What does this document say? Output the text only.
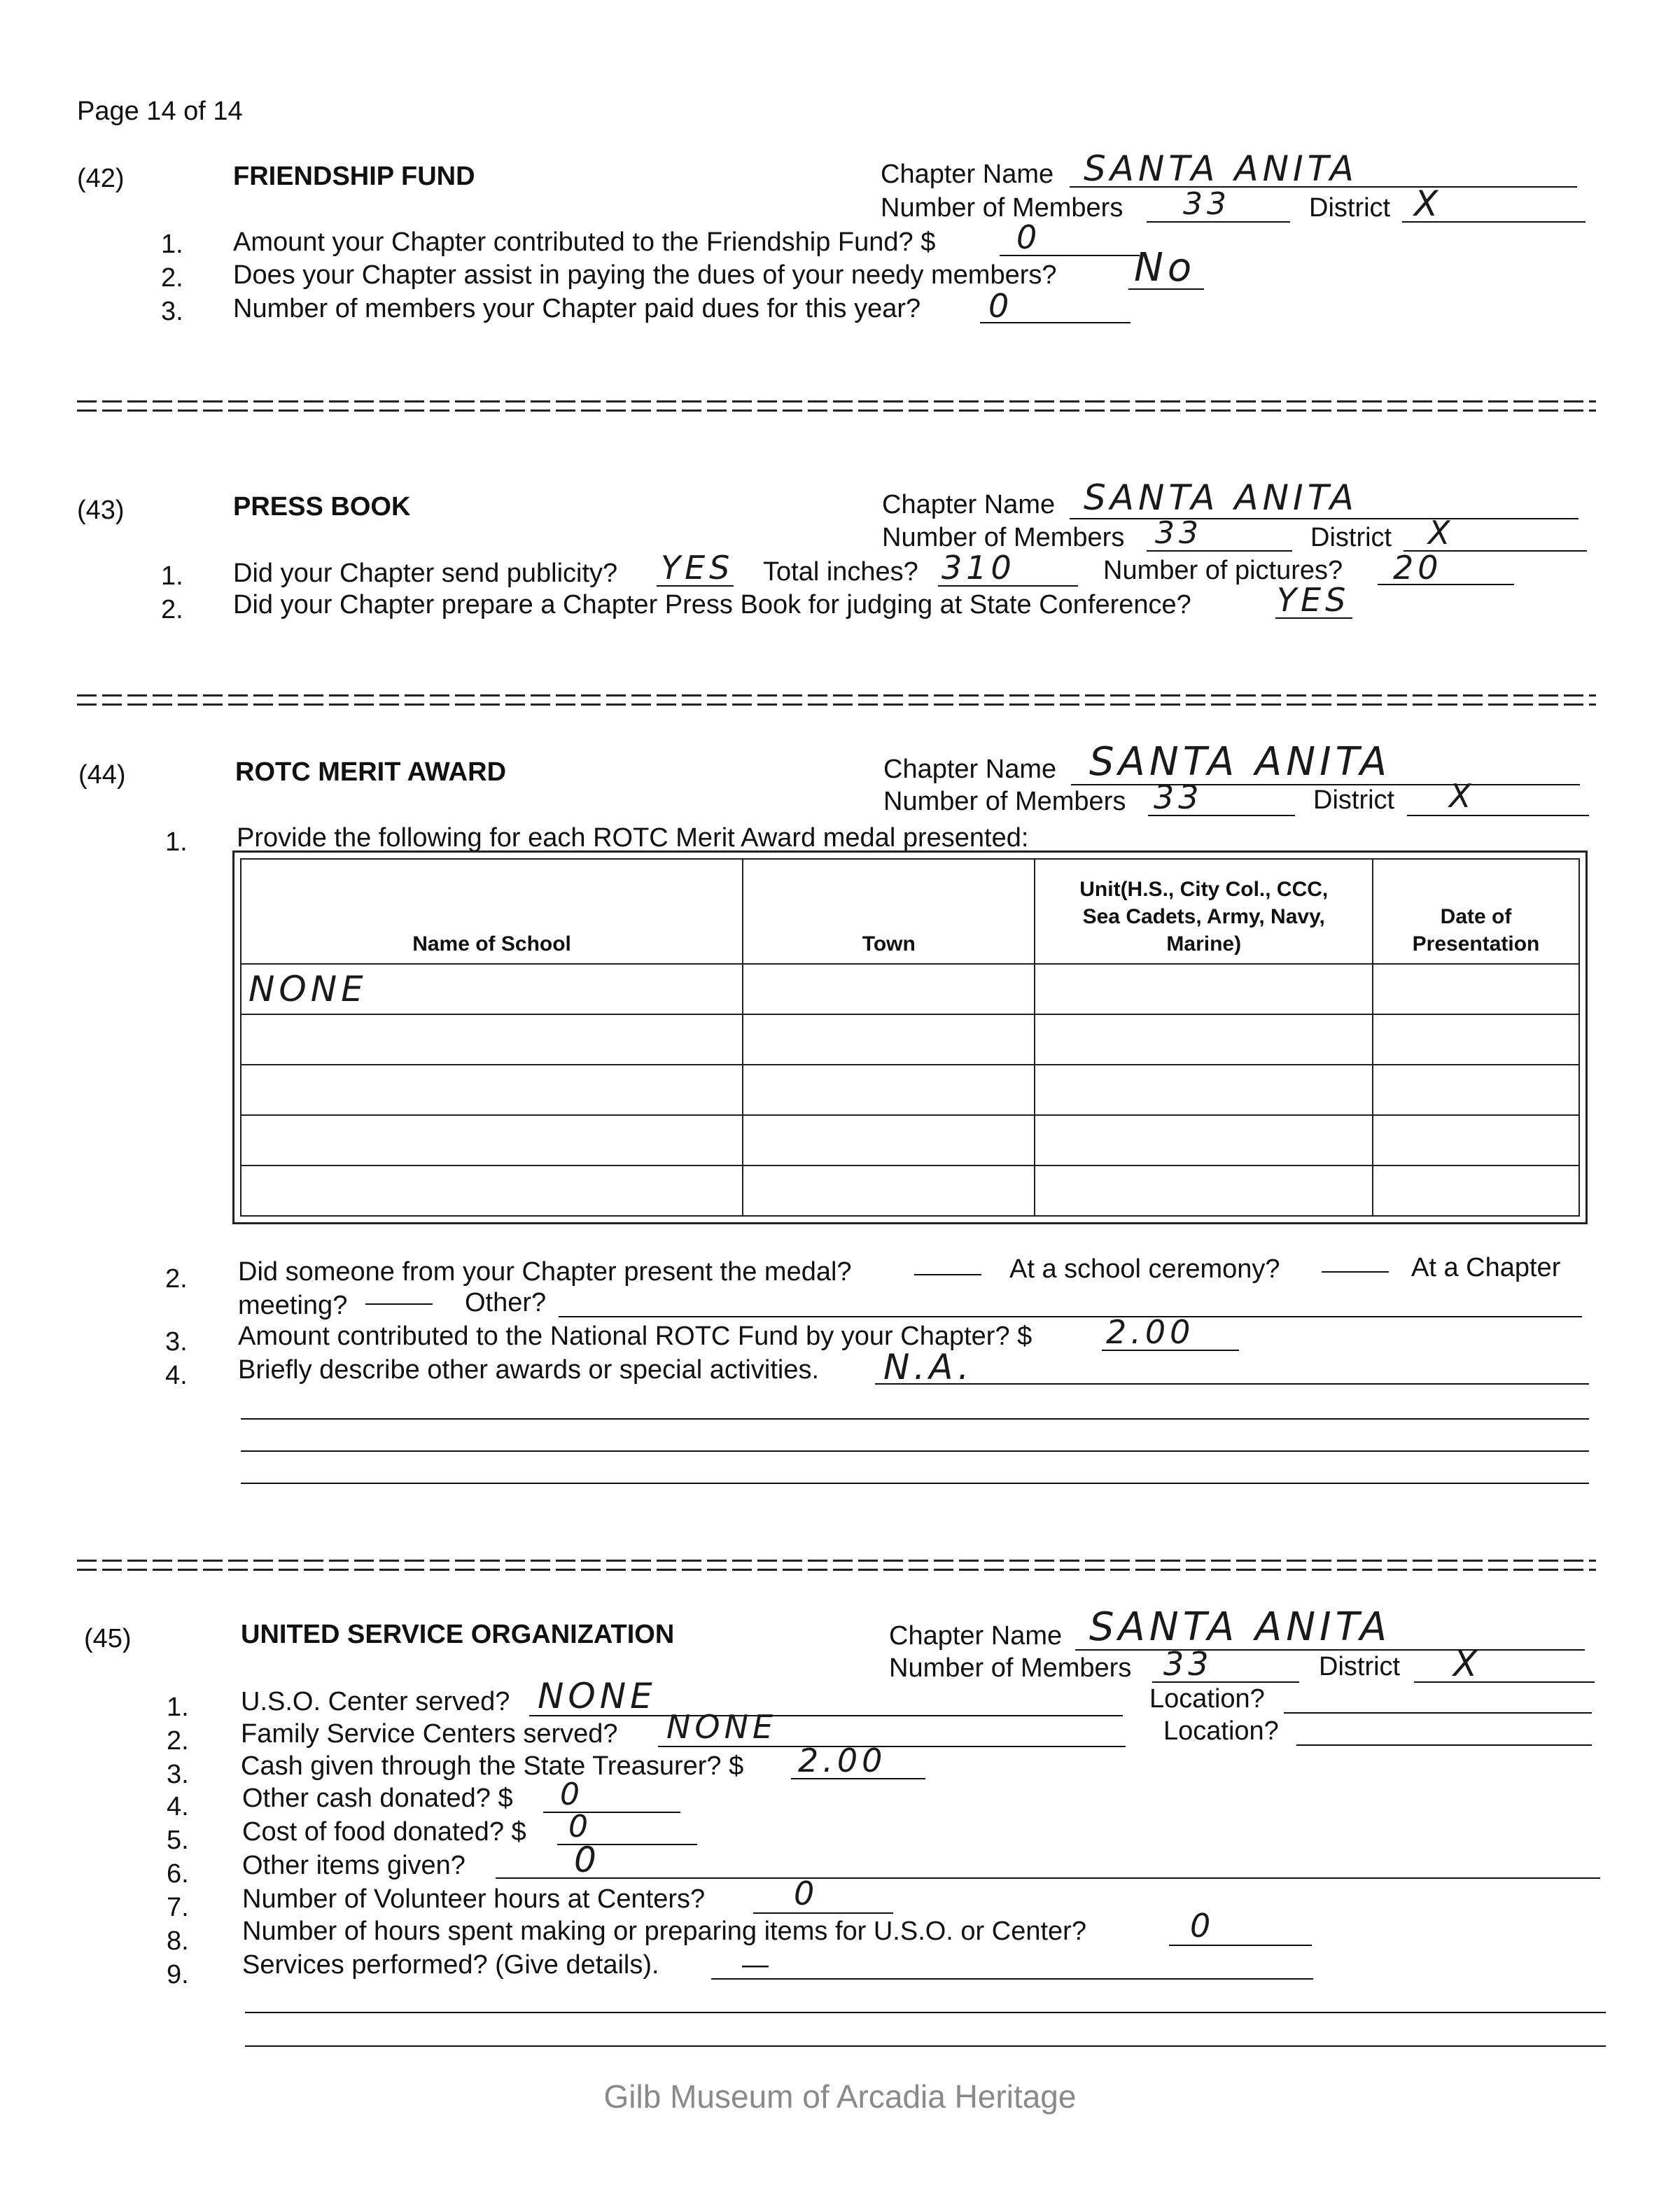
Page 14 of 14
(42)	FRIENDSHIP FUND	Chapter Name SANTA ANITA
Number of Members 33	District X
1. Amount your Chapter contributed to the Friendship Fund? $	0
2. Does your Chapter assist in paying the dues of your needy members? No
3. Number of members your Chapter paid dues for this year? 0
(43)	PRESS BOOK	Chapter Name SANTA ANITA
Number of Members 33	District X
1. Did your Chapter send publicity? YES Total inches? 310	Number of pictures? 20
2. Did your Chapter prepare a Chapter Press Book for judging at State Conference?	YES
(44)	ROTC MERIT AWARD	Chapter Name SANTA ANITA
Number of Members 33	District X
1. Provide the following for each ROTC Merit Award medal presented:
Name of School	Town	Unit(H.S., City Col., CCC, Sea Cadets, Army, Navy, Marine)	Date of Presentation
NONE			

2. Did someone from your Chapter present the medal?	At a school ceremony?	At a Chapter
meeting?	Other?
3. Amount contributed to the National ROTC Fund by your Chapter? $ 2.00
4. Briefly describe other awards or special activities. N.A.
(45)	UNITED SERVICE ORGANIZATION	Chapter Name SANTA ANITA
Number of Members 33	District X
1. U.S.O. Center served? NONE	Location?
2. Family Service Centers served? NONE	Location?
3. Cash given through the State Treasurer? $ 2.00
4. Other cash donated? $ 0
5. Cost of food donated? $ 0
6. Other items given?	0
7. Number of Volunteer hours at Centers?	0
8. Number of hours spent making or preparing items for U.S.O. or Center?	0
9. Services performed? (Give details).	—
Gilb Museum of Arcadia Heritage
